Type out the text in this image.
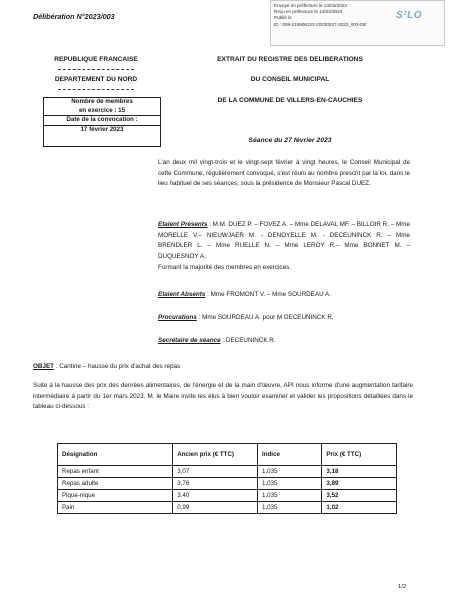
Délibération N°2023/003
Envoyé en préfecture le 13/03/2023
Reçu en préfecture le 13/03/2023
Publié le
ID : 059-215906223-20230227-2023_003-DE
S²LO
REPUBLIQUE FRANCAISE
DEPARTEMENT DU NORD
EXTRAIT DU REGISTRE DES DELIBERATIONS
DU CONSEIL MUNICIPAL
DE LA COMMUNE DE VILLERS-EN-CAUCHIES
Nombre de membres
en exercice : 15
Date de la convocation :
17 février 2023
Séance du 27 février 2023
L'an deux mil vingt-trois et le vingt-sept février à vingt heures, le Conseil Municipal de cette Commune, régulièrement convoqué, s'est réuni au nombre prescrit par la loi, dans le lieu habituel de ses séances, sous la présidence de Monsieur Pascal DUEZ.
Etaient Présents : M.M. DUEZ P. – FOVEZ A. – Mme DELAVAL MF. – BILLOIR R. – Mme MORELLE V.– NIEUWJAER M. - DENOYELLE M. - DECEUNINCK R. – Mme BRENDLER L. – Mme RUELLE N. – Mme LEROY R.– Mme BONNET M. – DUQUESNOY A.
Formant la majorité des membres en exercices.
Etaient Absents : Mme FROMONT V. – Mme SOURDEAU A.
Procurations : Mme SOURDEAU A. pour M DECEUNINCK R.
Secrétaire de séance : DECEUNINCK R.
OBJET : Cantine – hausse du prix d'achat des repas
Suite à la hausse des prix des denrées alimentaires, de l'énergie et de la main d'œuvre, API nous informe d'une augmentation tarifaire intermédiaire à partir du 1er mars 2023. M. le Maire invite les élus à bien vouloir examiner et valider les propositions détaillées dans le tableau ci-dessous :
Désignation	Ancien prix (€ TTC)	Indice	Prix (€ TTC)
Repas enfant	3,07	1,035	3,18
Repas adulte	3,76	1,035	3,89
Pique-nique	3,40	1,035	3,52
Pain	0,99	1,035	1,02
1/2
